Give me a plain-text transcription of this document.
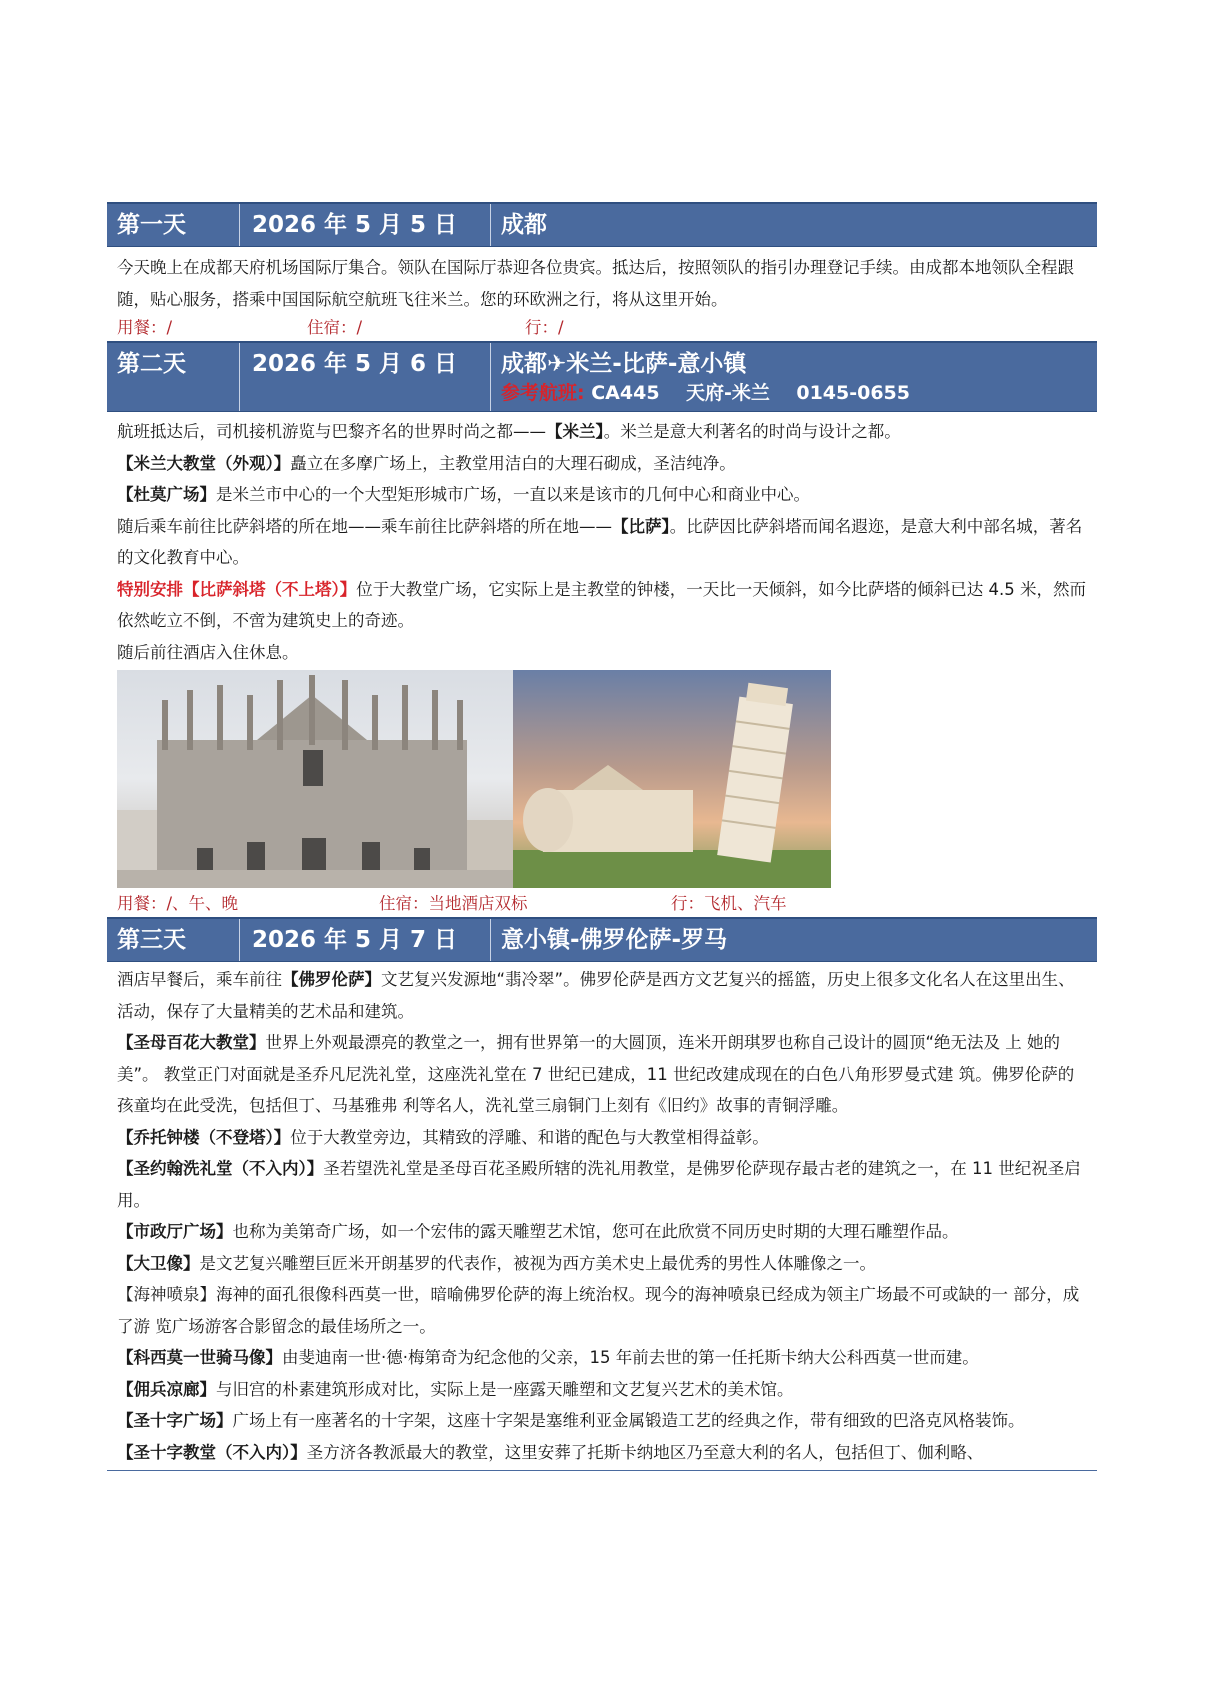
第一天	2026 年 5 月 5 日	成都

今天晚上在成都天府机场国际厅集合。领队在国际厅恭迎各位贵宾。抵达后，按照领队的指引办理登记手续。由成都本地领队全程跟随，贴心服务，搭乘中国国际航空航班飞往米兰。您的环欧洲之行，将从这里开始。

用餐：/	住宿：/	行：/
第二天	2026 年 5 月 6 日	成都✈米兰-比萨-意小镇
参考航班: CA445    天府-米兰    0145-0655

航班抵达后，司机接机游览与巴黎齐名的世界时尚之都——【米兰】。米兰是意大利著名的时尚与设计之都。

【米兰大教堂（外观）】矗立在多摩广场上，主教堂用洁白的大理石砌成，圣洁纯净。

【杜莫广场】是米兰市中心的一个大型矩形城市广场，一直以来是该市的几何中心和商业中心。

随后乘车前往比萨斜塔的所在地——乘车前往比萨斜塔的所在地——【比萨】。比萨因比萨斜塔而闻名遐迩，是意大利中部名城，著名的文化教育中心。

特别安排【比萨斜塔（不上塔）】位于大教堂广场，它实际上是主教堂的钟楼，一天比一天倾斜，如今比萨塔的倾斜已达 4.5 米，然而依然屹立不倒，不啻为建筑史上的奇迹。

随后前往酒店入住休息。

用餐：/、午、晚	住宿：当地酒店双标	行：飞机、汽车
第三天	2026 年 5 月 7 日	意小镇-佛罗伦萨-罗马

酒店早餐后，乘车前往【佛罗伦萨】文艺复兴发源地“翡冷翠”。佛罗伦萨是西方文艺复兴的摇篮，历史上很多文化名人在这里出生、 活动，保存了大量精美的艺术品和建筑。

【圣母百花大教堂】世界上外观最漂亮的教堂之一，拥有世界第一的大圆顶，连米开朗琪罗也称自己设计的圆顶“绝无法及 上 她的美”。 教堂正门对面就是圣乔凡尼洗礼堂，这座洗礼堂在 7 世纪已建成，11 世纪改建成现在的白色八角形罗曼式建 筑。佛罗伦萨的孩童均在此受洗，包括但丁、马基雅弗 利等名人，洗礼堂三扇铜门上刻有《旧约》故事的青铜浮雕。

【乔托钟楼（不登塔）】位于大教堂旁边，其精致的浮雕、和谐的配色与大教堂相得益彰。

【圣约翰洗礼堂（不入内）】圣若望洗礼堂是圣母百花圣殿所辖的洗礼用教堂，是佛罗伦萨现存最古老的建筑之一，在 11 世纪祝圣启用。

【市政厅广场】也称为美第奇广场，如一个宏伟的露天雕塑艺术馆，您可在此欣赏不同历史时期的大理石雕塑作品。

【大卫像】是文艺复兴雕塑巨匠米开朗基罗的代表作，被视为西方美术史上最优秀的男性人体雕像之一。

【海神喷泉】海神的面孔很像科西莫一世，暗喻佛罗伦萨的海上统治权。现今的海神喷泉已经成为领主广场最不可或缺的一 部分，成了游 览广场游客合影留念的最佳场所之一。

【科西莫一世骑马像】由斐迪南一世·德·梅第奇为纪念他的父亲，15 年前去世的第一任托斯卡纳大公科西莫一世而建。

【佣兵凉廊】与旧宫的朴素建筑形成对比，实际上是一座露天雕塑和文艺复兴艺术的美术馆。

【圣十字广场】广场上有一座著名的十字架，这座十字架是塞维利亚金属锻造工艺的经典之作，带有细致的巴洛克风格装饰。

【圣十字教堂（不入内）】圣方济各教派最大的教堂，这里安葬了托斯卡纳地区乃至意大利的名人，包括但丁、伽利略、
